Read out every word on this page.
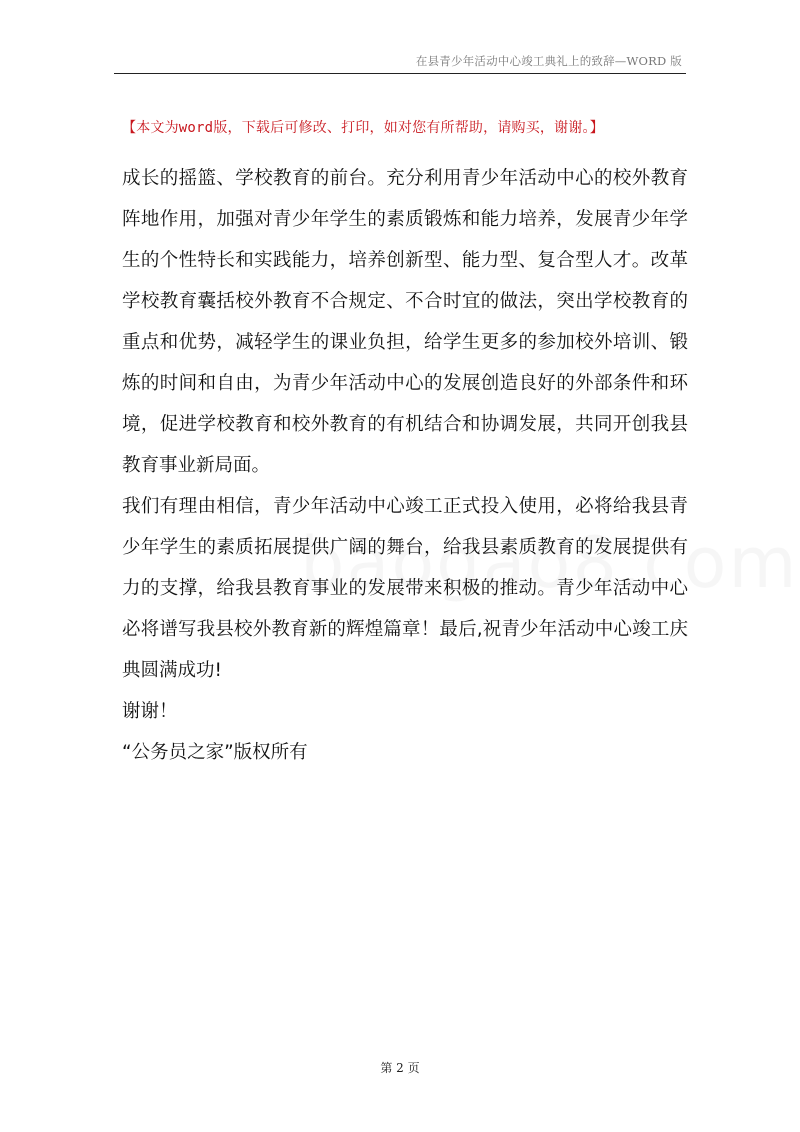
在县青少年活动中心竣工典礼上的致辞—WORD 版
【本文为word版，下载后可修改、打印，如对您有所帮助，请购买，谢谢。】

成长的摇篮、学校教育的前台。充分利用青少年活动中心的校外教育阵地作用，加强对青少年学生的素质锻炼和能力培养，发展青少年学生的个性特长和实践能力，培养创新型、能力型、复合型人才。改革学校教育囊括校外教育不合规定、不合时宜的做法，突出学校教育的重点和优势，减轻学生的课业负担，给学生更多的参加校外培训、锻炼的时间和自由，为青少年活动中心的发展创造良好的外部条件和环境，促进学校教育和校外教育的有机结合和协调发展，共同开创我县教育事业新局面。

我们有理由相信，青少年活动中心竣工正式投入使用，必将给我县青少年学生的素质拓展提供广阔的舞台，给我县素质教育的发展提供有力的支撑，给我县教育事业的发展带来积极的推动。青少年活动中心必将谱写我县校外教育新的辉煌篇章！最后,祝青少年活动中心竣工庆典圆满成功!

谢谢！

“公务员之家”版权所有

第 2 页
